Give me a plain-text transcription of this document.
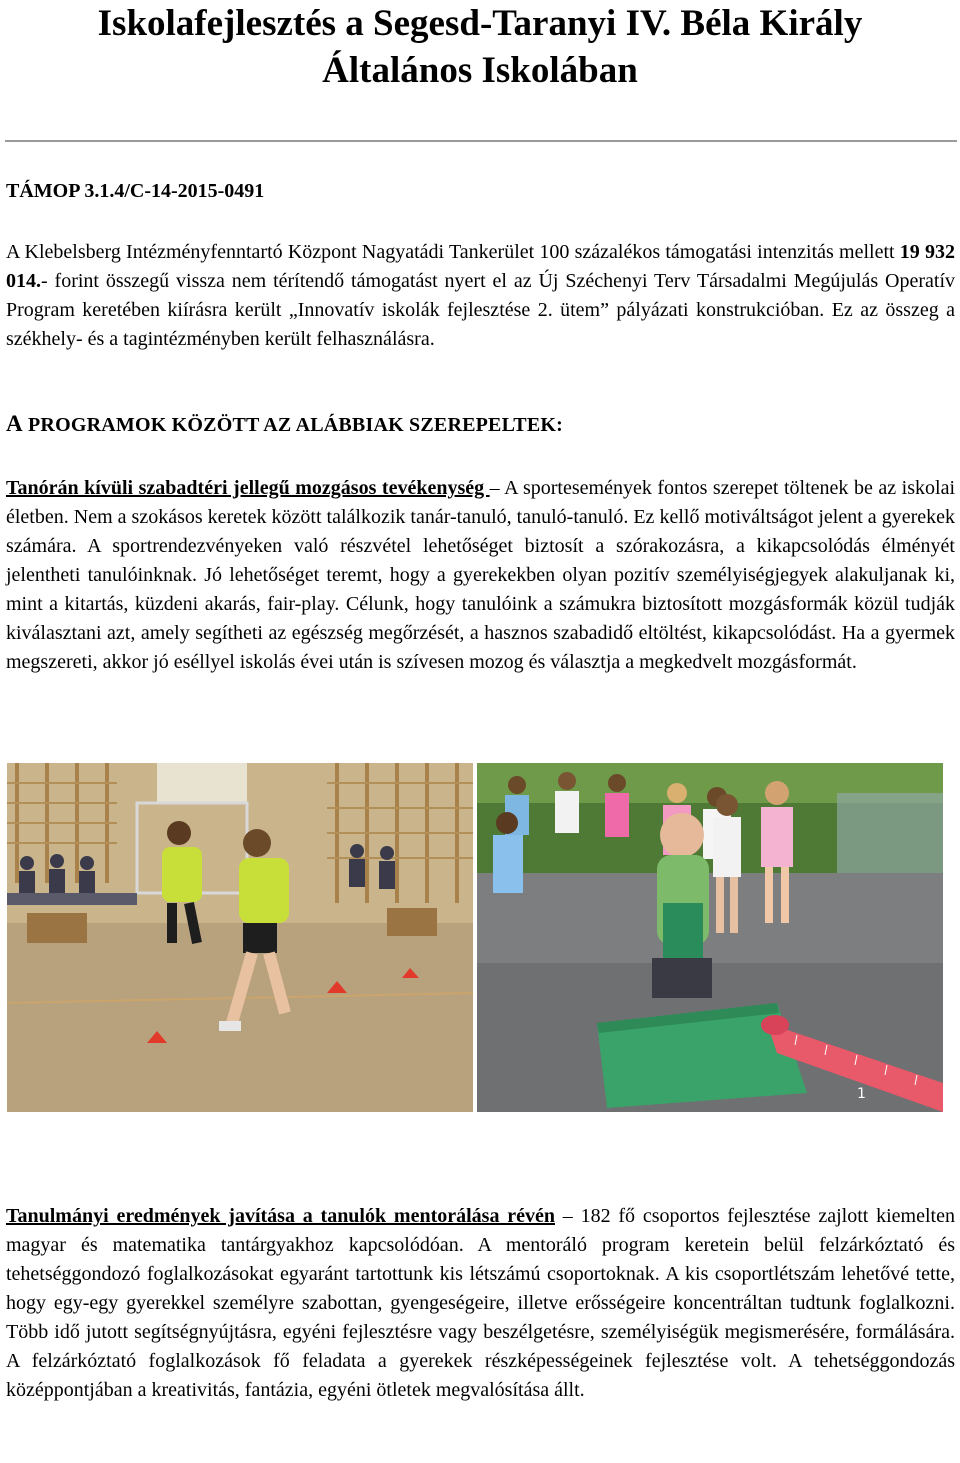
Iskolafejlesztés a Segesd-Taranyi IV. Béla Király
Általános Iskolában

TÁMOP 3.1.4/C-14-2015-0491

A Klebelsberg Intézményfenntartó Központ Nagyatádi Tankerület 100 százalékos támogatási intenzitás mellett 19 932 014.- forint összegű vissza nem térítendő támogatást nyert el az Új Széchenyi Terv Társadalmi Megújulás Operatív Program keretében kiírásra került „Innovatív iskolák fejlesztése 2. ütem” pályázati konstrukcióban. Ez az összeg a székhely- és a tagintézményben került felhasználásra.

A PROGRAMOK KÖZÖTT AZ ALÁBBIAK SZEREPELTEK:

Tanórán kívüli szabadtéri jellegű mozgásos tevékenység – A sportesemények fontos szerepet töltenek be az iskolai életben. Nem a szokásos keretek között találkozik tanár-tanuló, tanuló-tanuló. Ez kellő motiváltságot jelent a gyerekek számára. A sportrendezvényeken való részvétel lehetőséget biztosít a szórakozásra, a kikapcsolódás élményét jelentheti tanulóinknak. Jó lehetőséget teremt, hogy a gyerekekben olyan pozitív személyiségjegyek alakuljanak ki, mint a kitartás, küzdeni akarás, fair-play. Célunk, hogy tanulóink a számukra biztosított mozgásformák közül tudják kiválasztani azt, amely segítheti az egészség megőrzését, a hasznos szabadidő eltöltést, kikapcsolódást. Ha a gyermek megszereti, akkor jó eséllyel iskolás évei után is szívesen mozog és választja a megkedvelt mozgásformát.

1

Tanulmányi eredmények javítása a tanulók mentorálása révén – 182 fő csoportos fejlesztése zajlott kiemelten magyar és matematika tantárgyakhoz kapcsolódóan. A mentoráló program keretein belül felzárkóztató és tehetséggondozó foglalkozásokat egyaránt tartottunk kis létszámú csoportoknak. A kis csoportlétszám lehetővé tette, hogy egy-egy gyerekkel személyre szabottan, gyengeségeire, illetve erősségeire koncentráltan tudtunk foglalkozni. Több idő jutott segítségnyújtásra, egyéni fejlesztésre vagy beszélgetésre, személyiségük megismerésére, formálására. A felzárkóztató foglalkozások fő feladata a gyerekek részképességeinek fejlesztése volt. A tehetséggondozás középpontjában a kreativitás, fantázia, egyéni ötletek megvalósítása állt.
